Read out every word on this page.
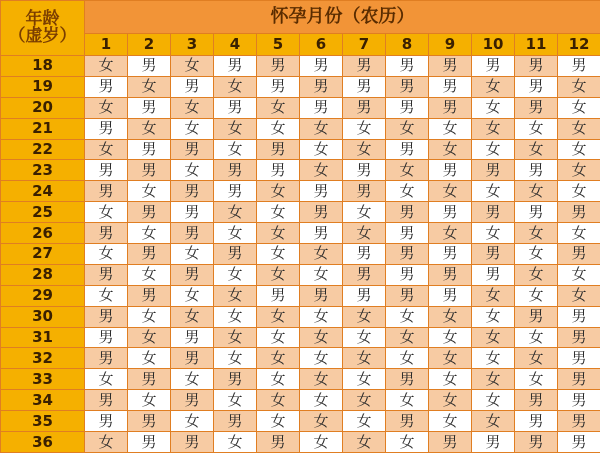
年龄
（虚岁）	怀孕月份（农历）											
	1	2	3	4	5	6	7	8	9	10	11	12
18	女	男	女	男	男	男	男	男	男	男	男	男
19	男	女	男	女	男	男	男	男	男	女	男	女
20	女	男	女	男	女	男	男	男	男	女	男	女
21	男	女	女	女	女	女	女	女	女	女	女	女
22	女	男	男	女	男	女	女	男	女	女	女	女
23	男	男	女	男	男	女	男	女	男	男	男	女
24	男	女	男	男	女	男	男	女	女	女	女	女
25	女	男	男	女	女	男	女	男	男	男	男	男
26	男	女	男	女	女	男	女	男	女	女	女	女
27	女	男	女	男	女	女	男	男	男	男	女	男
28	男	女	男	女	女	女	男	男	男	男	女	女
29	女	男	女	女	男	男	男	男	男	女	女	女
30	男	女	女	女	女	女	女	女	女	女	男	男
31	男	女	男	女	女	女	女	女	女	女	女	男
32	男	女	男	女	女	女	女	女	女	女	女	男
33	女	男	女	男	女	女	女	男	女	女	女	男
34	男	女	男	女	女	女	女	女	女	女	男	男
35	男	男	女	男	女	女	女	男	女	女	男	男
36	女	男	男	女	男	女	女	女	男	男	男	男
